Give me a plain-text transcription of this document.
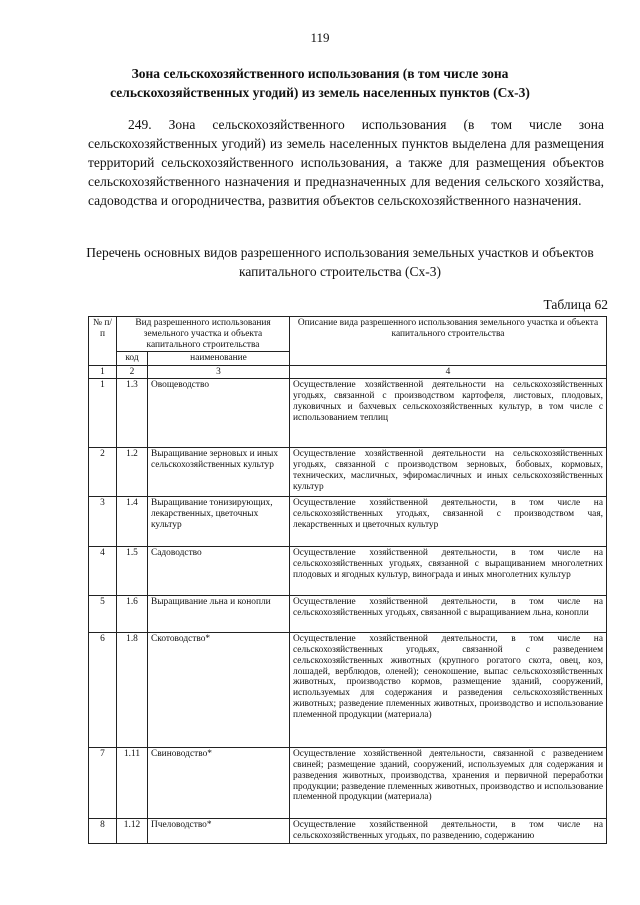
119
Зона сельскохозяйственного использования (в том числе зона сельскохозяйственных угодий) из земель населенных пунктов (Сх-3)
249. Зона сельскохозяйственного использования (в том числе зона сельскохозяйственных угодий) из земель населенных пунктов выделена для размещения территорий сельскохозяйственного использования, а также для размещения объектов сельскохозяйственного назначения и предназначенных для ведения сельского хозяйства, садоводства и огородничества, развития объектов сельскохозяйственного назначения.
Перечень основных видов разрешенного использования земельных участков и объектов капитального строительства (Сх-3)
Таблица 62
№ п/п	Вид разрешенного использования земельного участка и объекта капитального строительства		Описание вида разрешенного использования земельного участка и объекта капитального строительства
	код	наименование	
1	2	3	4
1	1.3	Овощеводство	Осуществление хозяйственной деятельности на сельскохозяйственных угодьях, связанной с производством картофеля, листовых, плодовых, луковичных и бахчевых сельскохозяйственных культур, в том числе с использованием теплиц
2	1.2	Выращивание зерновых и иных сельскохозяйственных культур	Осуществление хозяйственной деятельности на сельскохозяйственных угодьях, связанной с производством зерновых, бобовых, кормовых, технических, масличных, эфиромасличных и иных сельскохозяйственных культур
3	1.4	Выращивание тонизирующих, лекарственных, цветочных культур	Осуществление хозяйственной деятельности, в том числе на сельскохозяйственных угодьях, связанной с производством чая, лекарственных и цветочных культур
4	1.5	Садоводство	Осуществление хозяйственной деятельности, в том числе на сельскохозяйственных угодьях, связанной с выращиванием многолетних плодовых и ягодных культур, винограда и иных многолетних культур
5	1.6	Выращивание льна и конопли	Осуществление хозяйственной деятельности, в том числе на сельскохозяйственных угодьях, связанной с выращиванием льна, конопли
6	1.8	Скотоводство*	Осуществление хозяйственной деятельности, в том числе на сельскохозяйственных угодьях, связанной с разведением сельскохозяйственных животных (крупного рогатого скота, овец, коз, лошадей, верблюдов, оленей); сенокошение, выпас сельскохозяйственных животных, производство кормов, размещение зданий, сооружений, используемых для содержания и разведения сельскохозяйственных животных; разведение племенных животных, производство и использование племенной продукции (материала)
7	1.11	Свиноводство*	Осуществление хозяйственной деятельности, связанной с разведением свиней; размещение зданий, сооружений, используемых для содержания и разведения животных, производства, хранения и первичной переработки продукции; разведение племенных животных, производство и использование племенной продукции (материала)
8	1.12	Пчеловодство*	Осуществление хозяйственной деятельности, в том числе на сельскохозяйственных угодьях, по разведению, содержанию
